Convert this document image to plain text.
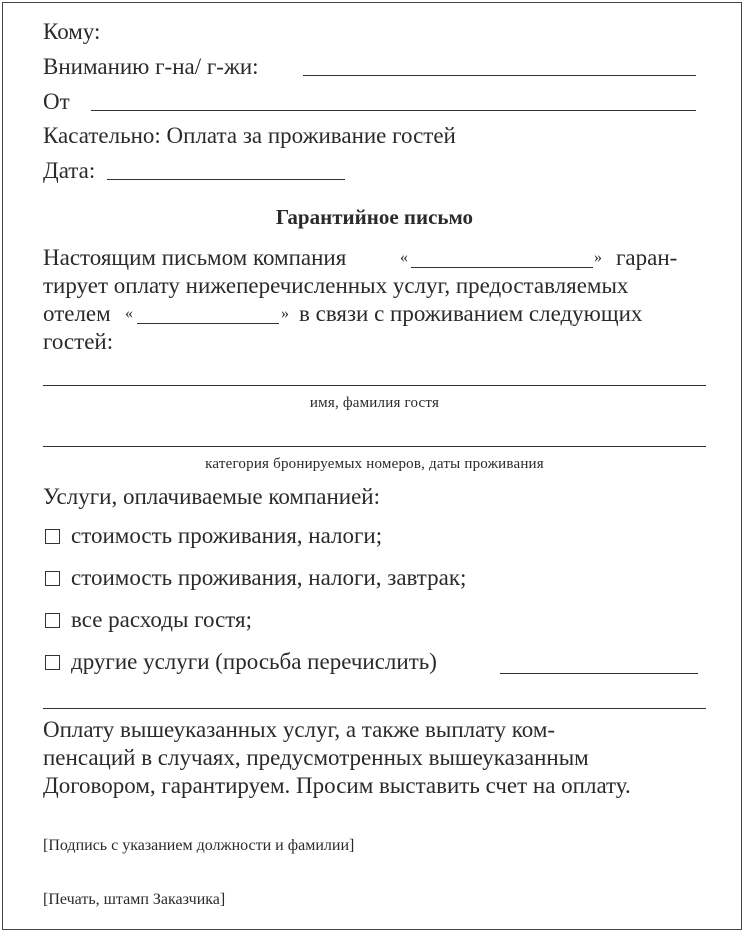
Кому:
Вниманию г-на/ г-жи:
От
Касательно: Оплата за проживание гостей
Дата:
Гарантийное письмо
Настоящим письмом компания	«	» гаран-
тирует оплату нижеперечисленных услуг, предоставляемых
отелем «	» в связи с проживанием следующих
гостей:
имя, фамилия гостя
категория бронируемых номеров, даты проживания
Услуги, оплачиваемые компанией:
стоимость проживания, налоги;
стоимость проживания, налоги, завтрак;
все расходы гостя;
другие услуги (просьба перечислить)
Оплату вышеуказанных услуг, а также выплату ком-
пенсаций в случаях, предусмотренных вышеуказанным
Договором, гарантируем. Просим выставить счет на оплату.
[Подпись с указанием должности и фамилии]
[Печать, штамп Заказчика]
